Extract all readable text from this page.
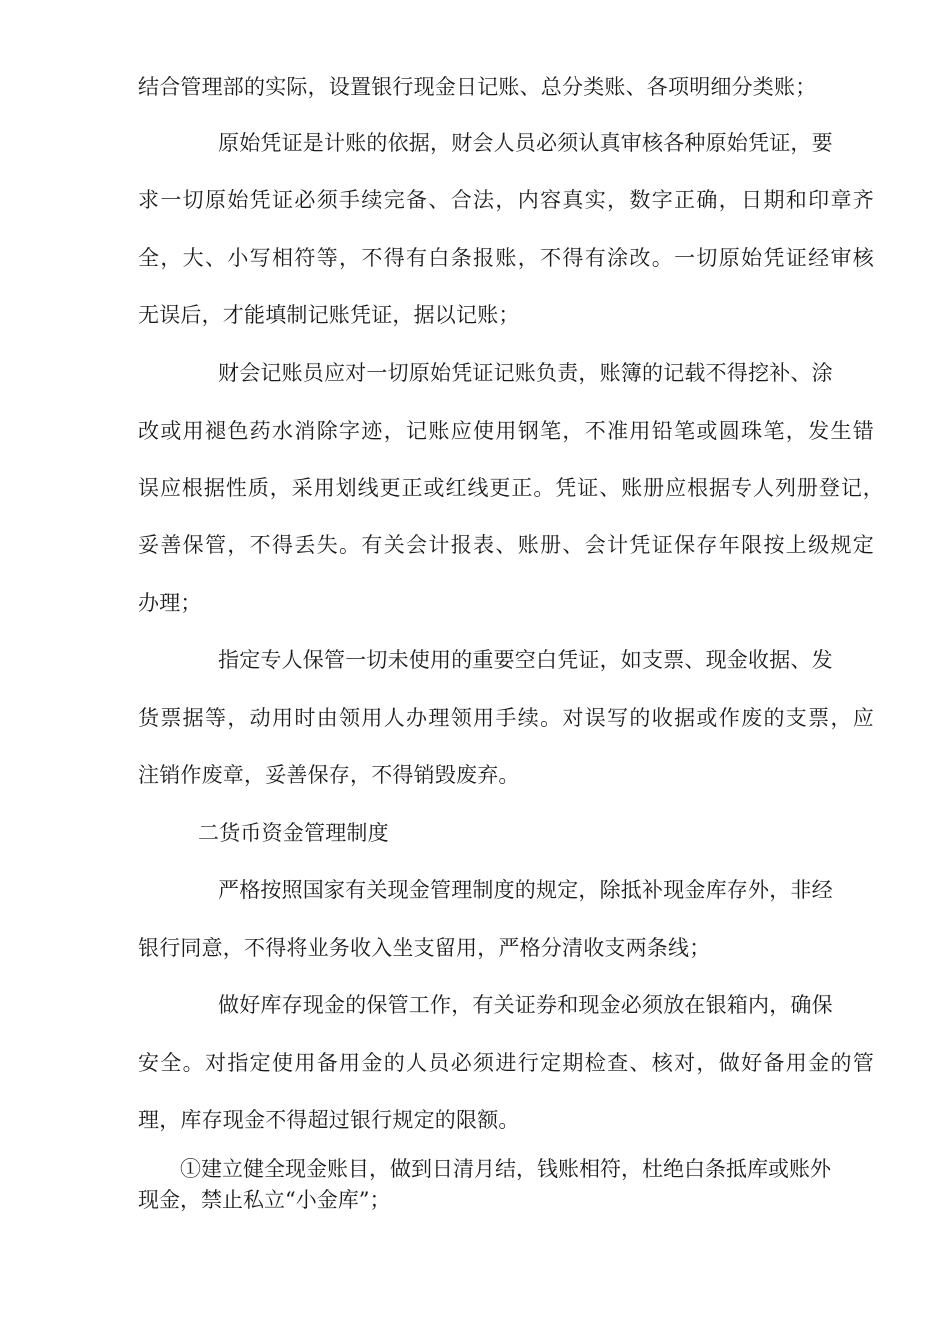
结合管理部的实际，设置银行现金日记账、总分类账、各项明细分类账；
原始凭证是计账的依据，财会人员必须认真审核各种原始凭证，要
求一切原始凭证必须手续完备、合法，内容真实，数字正确，日期和印章齐
全，大、小写相符等，不得有白条报账，不得有涂改。一切原始凭证经审核
无误后，才能填制记账凭证，据以记账；
财会记账员应对一切原始凭证记账负责，账簿的记载不得挖补、涂
改或用褪色药水消除字迹，记账应使用钢笔，不准用铅笔或圆珠笔，发生错
误应根据性质，采用划线更正或红线更正。凭证、账册应根据专人列册登记，
妥善保管，不得丢失。有关会计报表、账册、会计凭证保存年限按上级规定
办理；
指定专人保管一切未使用的重要空白凭证，如支票、现金收据、发
货票据等，动用时由领用人办理领用手续。对误写的收据或作废的支票，应
注销作废章，妥善保存，不得销毁废弃。
二货币资金管理制度
严格按照国家有关现金管理制度的规定，除抵补现金库存外，非经
银行同意，不得将业务收入坐支留用，严格分清收支两条线；
做好库存现金的保管工作，有关证券和现金必须放在银箱内，确保
安全。对指定使用备用金的人员必须进行定期检查、核对，做好备用金的管
理，库存现金不得超过银行规定的限额。
①建立健全现金账目，做到日清月结，钱账相符，杜绝白条抵库或账外
现金，禁止私立“小金库”；
